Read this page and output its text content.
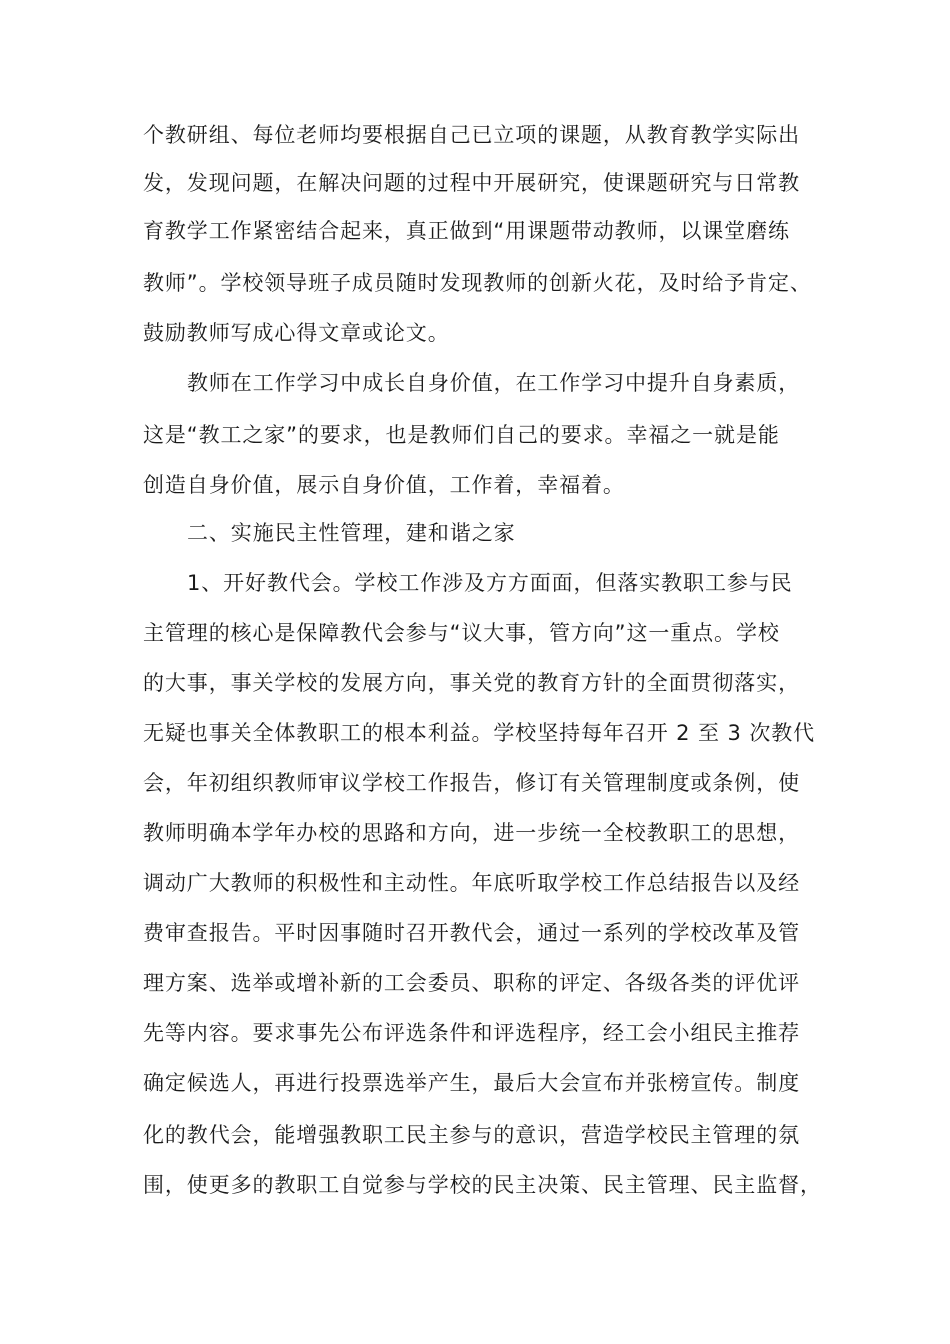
个教研组、每位老师均要根据自己已立项的课题，从教育教学实际出
发，发现问题，在解决问题的过程中开展研究，使课题研究与日常教
育教学工作紧密结合起来，真正做到“用课题带动教师，以课堂磨练
教师”。学校领导班子成员随时发现教师的创新火花，及时给予肯定、
鼓励教师写成心得文章或论文。
教师在工作学习中成长自身价值，在工作学习中提升自身素质，
这是“教工之家”的要求，也是教师们自己的要求。幸福之一就是能
创造自身价值，展示自身价值，工作着，幸福着。
二、实施民主性管理，建和谐之家
1、开好教代会。学校工作涉及方方面面，但落实教职工参与民
主管理的核心是保障教代会参与“议大事，管方向”这一重点。学校
的大事，事关学校的发展方向，事关党的教育方针的全面贯彻落实，
无疑也事关全体教职工的根本利益。学校坚持每年召开 2 至 3 次教代
会，年初组织教师审议学校工作报告，修订有关管理制度或条例，使
教师明确本学年办校的思路和方向，进一步统一全校教职工的思想，
调动广大教师的积极性和主动性。年底听取学校工作总结报告以及经
费审查报告。平时因事随时召开教代会，通过一系列的学校改革及管
理方案、选举或增补新的工会委员、职称的评定、各级各类的评优评
先等内容。要求事先公布评选条件和评选程序，经工会小组民主推荐
确定候选人，再进行投票选举产生，最后大会宣布并张榜宣传。制度
化的教代会，能增强教职工民主参与的意识，营造学校民主管理的氛
围，使更多的教职工自觉参与学校的民主决策、民主管理、民主监督，
